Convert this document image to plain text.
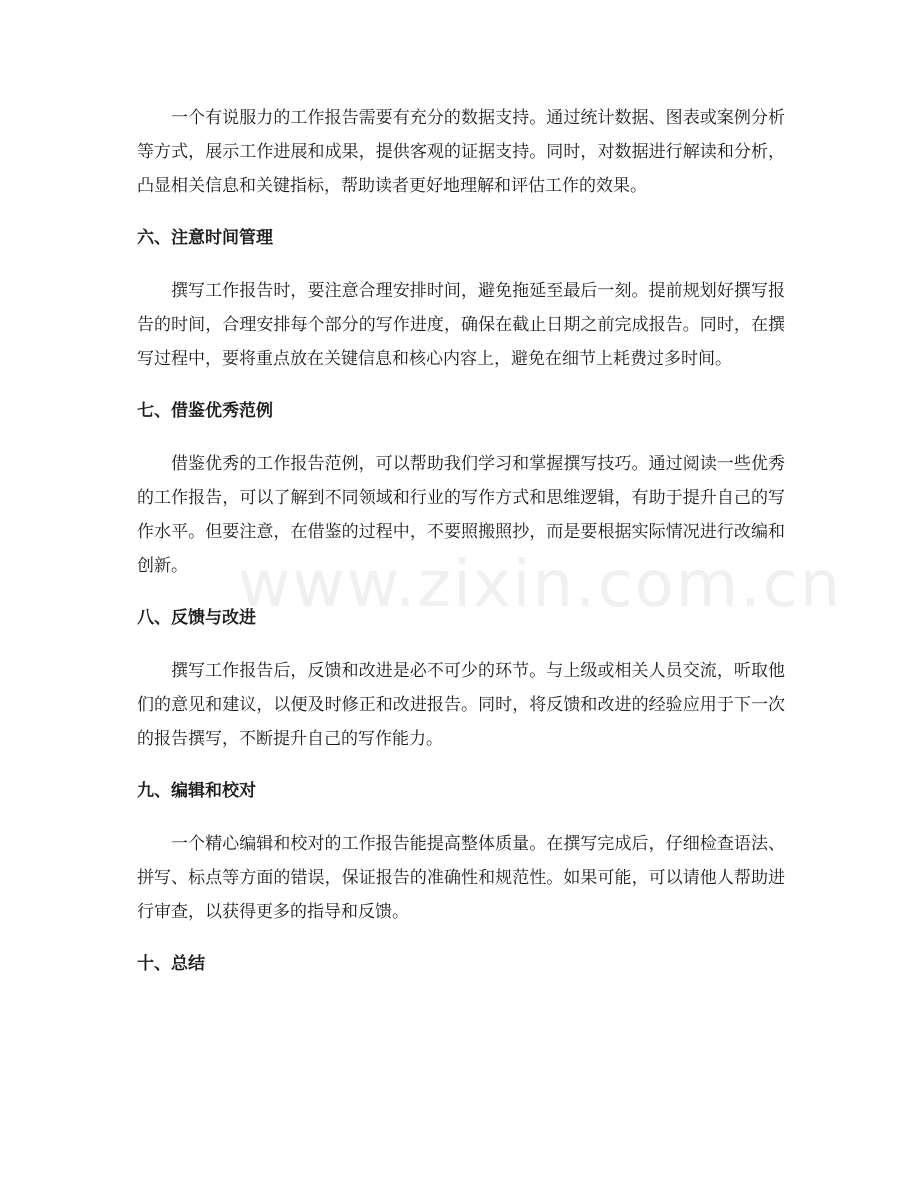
一个有说服力的工作报告需要有充分的数据支持。通过统计数据、图表或案例分析等方式，展示工作进展和成果，提供客观的证据支持。同时，对数据进行解读和分析，凸显相关信息和关键指标，帮助读者更好地理解和评估工作的效果。

六、注意时间管理

撰写工作报告时，要注意合理安排时间，避免拖延至最后一刻。提前规划好撰写报告的时间，合理安排每个部分的写作进度，确保在截止日期之前完成报告。同时，在撰写过程中，要将重点放在关键信息和核心内容上，避免在细节上耗费过多时间。

七、借鉴优秀范例

借鉴优秀的工作报告范例，可以帮助我们学习和掌握撰写技巧。通过阅读一些优秀的工作报告，可以了解到不同领域和行业的写作方式和思维逻辑，有助于提升自己的写作水平。但要注意，在借鉴的过程中，不要照搬照抄，而是要根据实际情况进行改编和创新。

八、反馈与改进

撰写工作报告后，反馈和改进是必不可少的环节。与上级或相关人员交流，听取他们的意见和建议，以便及时修正和改进报告。同时，将反馈和改进的经验应用于下一次的报告撰写，不断提升自己的写作能力。

九、编辑和校对

一个精心编辑和校对的工作报告能提高整体质量。在撰写完成后，仔细检查语法、拼写、标点等方面的错误，保证报告的准确性和规范性。如果可能，可以请他人帮助进行审查，以获得更多的指导和反馈。

十、总结
www.zixin.com.cn
